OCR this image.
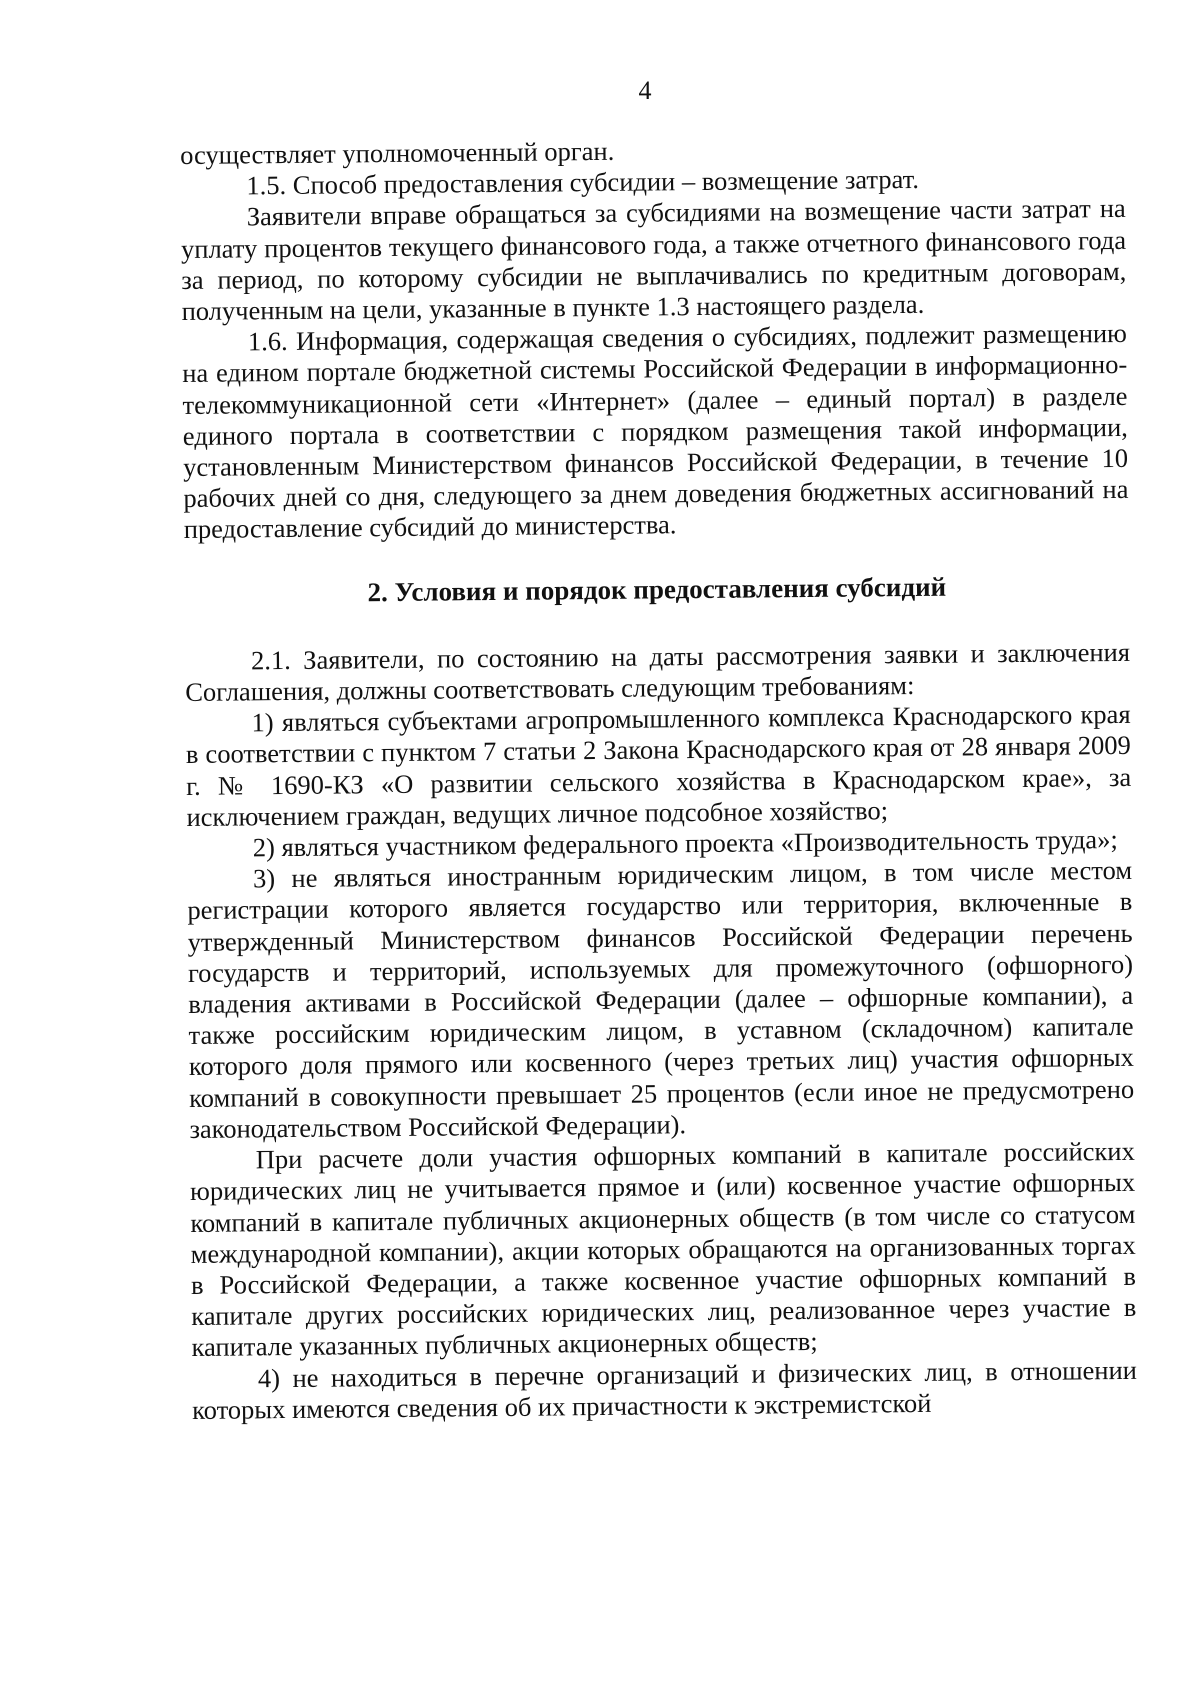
4

осуществляет уполномоченный орган.

1.5. Способ предоставления субсидии – возмещение затрат.

Заявители вправе обращаться за субсидиями на возмещение части затрат на уплату процентов текущего финансового года, а также отчетного финансового года за период, по которому субсидии не выплачивались по кредитным договорам, полученным на цели, указанные в пункте 1.3 настоящего раздела.

1.6. Информация, содержащая сведения о субсидиях, подлежит размещению на едином портале бюджетной системы Российской Федерации в информационно-телекоммуникационной сети «Интернет» (далее – единый портал) в разделе единого портала в соответствии с порядком размещения такой информации, установленным Министерством финансов Российской Федерации, в течение 10 рабочих дней со дня, следующего за днем доведения бюджетных ассигнований на предоставление субсидий до министерства.

2. Условия и порядок предоставления субсидий

2.1. Заявители, по состоянию на даты рассмотрения заявки и заключения Соглашения, должны соответствовать следующим требованиям:

1) являться субъектами агропромышленного комплекса Краснодарского края в соответствии с пунктом 7 статьи 2 Закона Краснодарского края от 28 января 2009 г. № 1690-КЗ «О развитии сельского хозяйства в Краснодарском крае», за исключением граждан, ведущих личное подсобное хозяйство;

2) являться участником федерального проекта «Производительность труда»;

3) не являться иностранным юридическим лицом, в том числе местом регистрации которого является государство или территория, включенные в утвержденный Министерством финансов Российской Федерации перечень государств и территорий, используемых для промежуточного (офшорного) владения активами в Российской Федерации (далее – офшорные компании), а также российским юридическим лицом, в уставном (складочном) капитале которого доля прямого или косвенного (через третьих лиц) участия офшорных компаний в совокупности превышает 25 процентов (если иное не предусмотрено законодательством Российской Федерации).

При расчете доли участия офшорных компаний в капитале российских юридических лиц не учитывается прямое и (или) косвенное участие офшорных компаний в капитале публичных акционерных обществ (в том числе со статусом международной компании), акции которых обращаются на организованных торгах в Российской Федерации, а также косвенное участие офшорных компаний в капитале других российских юридических лиц, реализованное через участие в капитале указанных публичных акционерных обществ;

4) не находиться в перечне организаций и физических лиц, в отношении которых имеются сведения об их причастности к экстремистской
